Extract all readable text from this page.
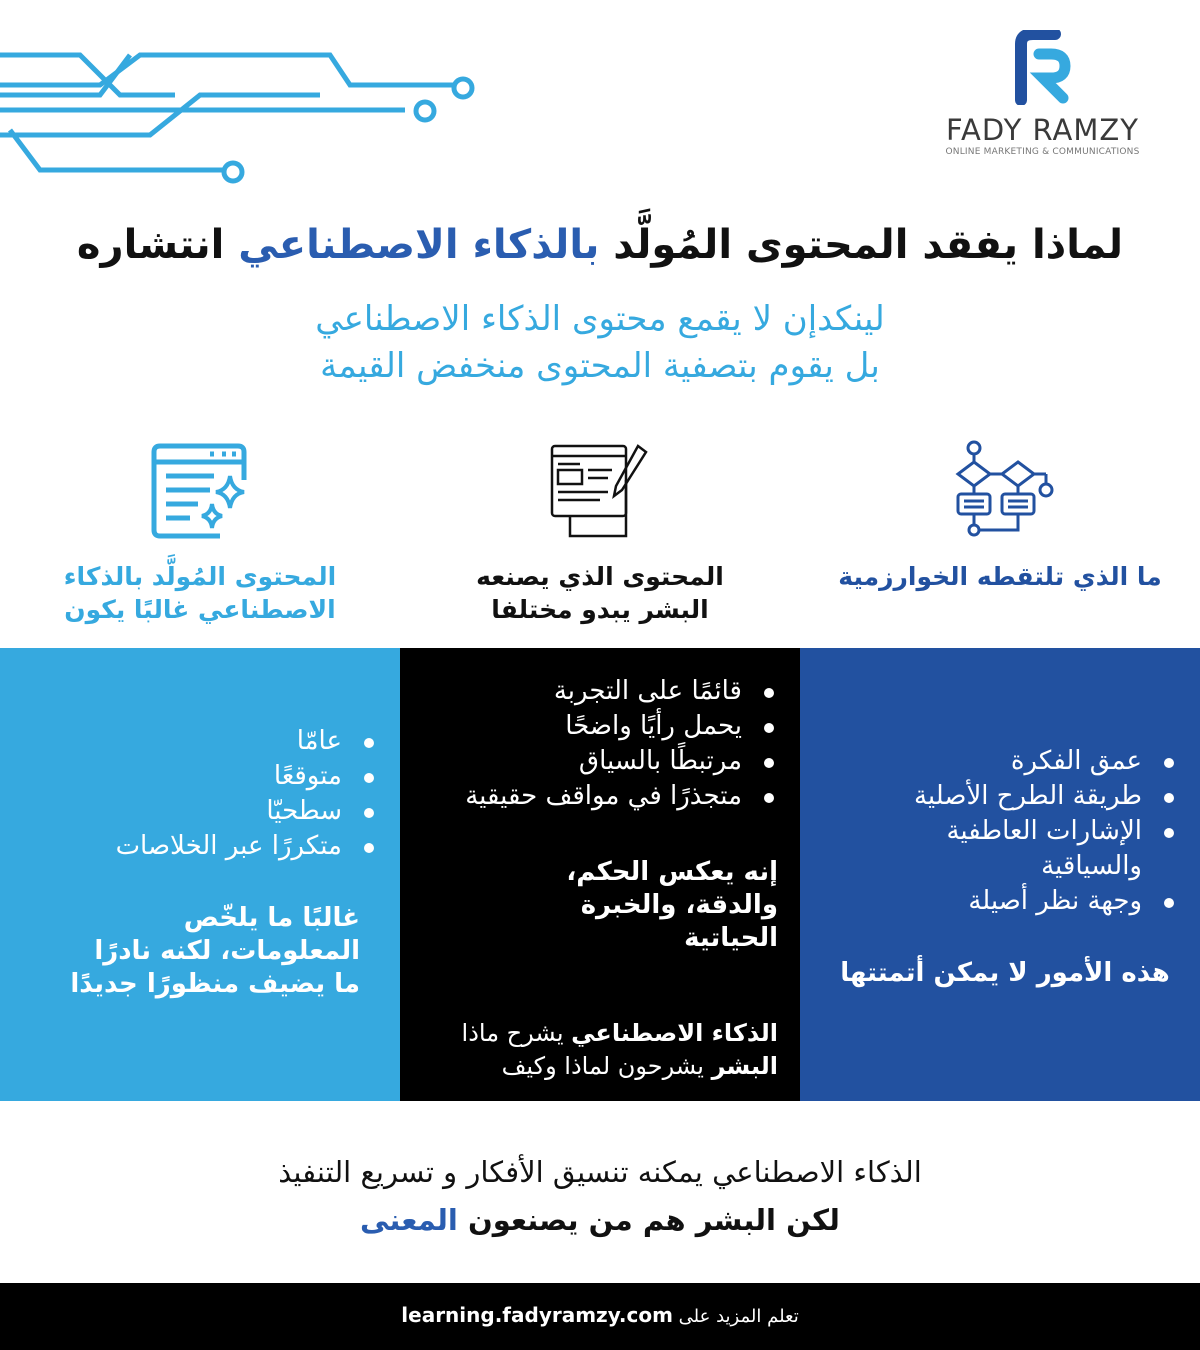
FADY RAMZY
ONLINE MARKETING & COMMUNICATIONS
لماذا يفقد المحتوى المُولَّد بالذكاء الاصطناعي انتشاره
لينكدإن لا يقمع محتوى الذكاء الاصطناعي
بل يقوم بتصفية المحتوى منخفض القيمة
ما الذي تلتقطه الخوارزمية
المحتوى الذي يصنعه البشر يبدو مختلفا
المحتوى المُولَّد بالذكاء الاصطناعي غالبًا يكون
عمق الفكرة
طريقة الطرح الأصلية
الإشارات العاطفية والسياقية
وجهة نظر أصيلة
هذه الأمور لا يمكن أتمتتها
قائمًا على التجربة
يحمل رأيًا واضحًا
مرتبطًا بالسياق
متجذرًا في مواقف حقيقية
إنه يعكس الحكم، والدقة، والخبرة الحياتية
الذكاء الاصطناعي يشرح ماذا
البشر يشرحون لماذا وكيف
عامّا
متوقعًا
سطحيّا
متكررًا عبر الخلاصات
غالبًا ما يلخّص المعلومات، لكنه نادرًا ما يضيف منظورًا جديدًا
الذكاء الاصطناعي يمكنه تنسيق الأفكار و تسريع التنفيذ
لكن البشر هم من يصنعون المعنى
تعلم المزيد على learning.fadyramzy.com
